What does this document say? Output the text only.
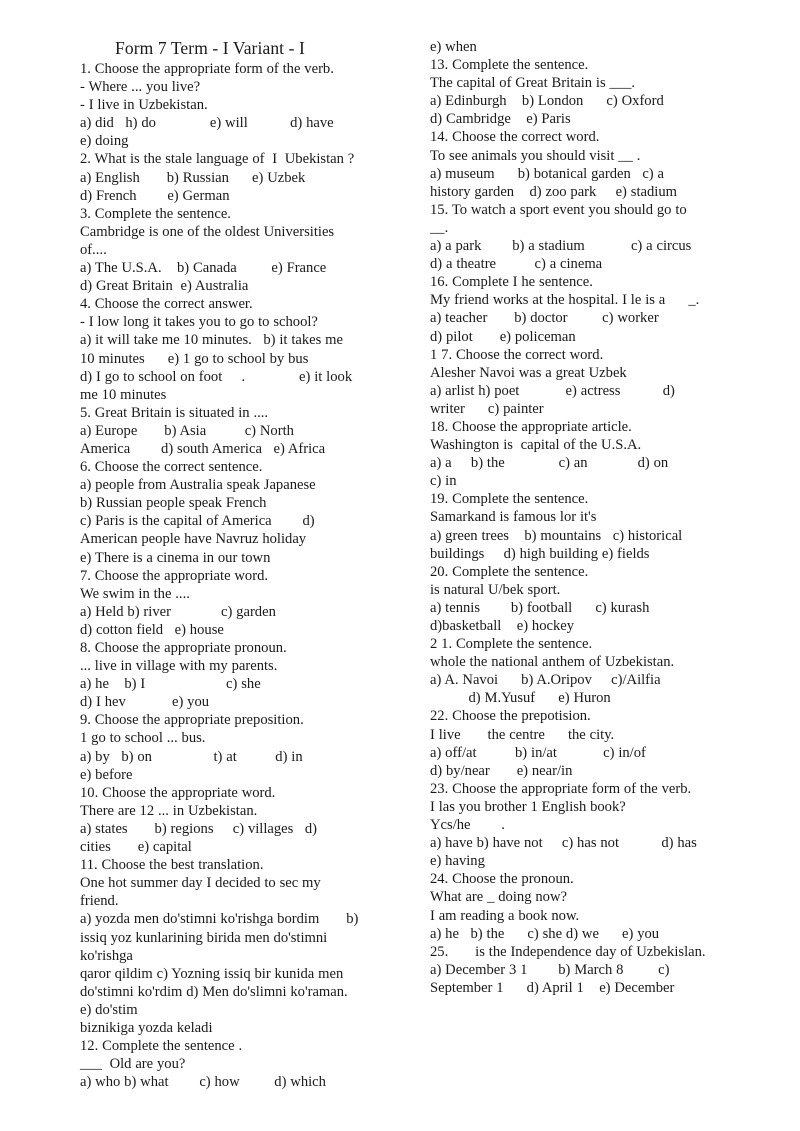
Form 7 Term - I Variant - I
1. Choose the appropriate form of the verb.
- Where ... you live?
- I live in Uzbekistan.
a) did   h) do              e) will           d) have
e) doing
2. What is the stale language of  I  Ubekistan ?
a) English       b) Russian      e) Uzbek
d) French        e) German
3. Complete the sentence.
Cambridge is one of the oldest Universities
of....
a) The U.S.A.    b) Canada         e) France
d) Great Britain  e) Australia
4. Choose the correct answer.
- I low long it takes you to go to school?
a) it will take me 10 minutes.   b) it takes me
10 minutes      e) 1 go to school by bus
d) I go to school on foot     .              e) it look
me 10 minutes
5. Great Britain is situated in ....
a) Europe       b) Asia          c) North
America        d) south America   e) Africa
6. Choose the correct sentence.
a) people from Australia speak Japanese
b) Russian people speak French
c) Paris is the capital of America        d)
American people have Navruz holiday
e) There is a cinema in our town
7. Choose the appropriate word.
We swim in the ....
a) Held b) river             c) garden
d) cotton field   e) house
8. Choose the appropriate pronoun.
... live in village with my parents.
a) he    b) I                     c) she
d) I hev            e) you
9. Choose the appropriate preposition.
1 go to school ... bus.
a) by   b) on                t) at          d) in
e) before
10. Choose the appropriate word.
There are 12 ... in Uzbekistan.
a) states       b) regions     c) villages   d)
cities       e) capital
11. Choose the best translation.
One hot summer day I decided to sec my
friend.
a) yozda men do'stimni ko'rishga bordim       b)
issiq yoz kunlarining birida men do'stimni
ko'rishga
qaror qildim c) Yozning issiq bir kunida men
do'stimni ko'rdim d) Men do'slimni ko'raman.
e) do'stim
biznikiga yozda keladi
12. Complete the sentence .
___  Old are you?
a) who b) what        c) how         d) which
e) when
13. Complete the sentence.
The capital of Great Britain is ___.
a) Edinburgh    b) London      c) Oxford
d) Cambridge    e) Paris
14. Choose the correct word.
To see animals you should visit __ .
a) museum      b) botanical garden   c) a
history garden    d) zoo park     e) stadium
15. To watch a sport event you should go to
__.
a) a park        b) a stadium            c) a circus
d) a theatre          c) a cinema
16. Complete I he sentence.
My friend works at the hospital. I le is a      _.
a) teacher       b) doctor         c) worker
d) pilot       e) policeman
1 7. Choose the correct word.
Alesher Navoi was a great Uzbek
a) arlist h) poet            e) actress           d)
writer      c) painter
18. Choose the appropriate article.
Washington is  capital of the U.S.A.
a) a     b) the              c) an             d) on
c) in
19. Complete the sentence.
Samarkand is famous lor it's
a) green trees    b) mountains   c) historical
buildings     d) high building e) fields
20. Complete the sentence.
is natural U/bek sport.
a) tennis        b) football      c) kurash
d)basketball    e) hockey
2 1. Complete the sentence.
whole the national anthem of Uzbekistan.
a) A. Navoi      b) A.Oripov     c)/Ailfia
d) M.Yusuf      e) Huron
22. Choose the prepotision.
I live       the centre      the city.
a) off/at          b) in/at            c) in/of
d) by/near       e) near/in
23. Choose the appropriate form of the verb.
I las you brother 1 English book?
Ycs/he        .
a) have b) have not     c) has not           d) has
e) having
24. Choose the pronoun.
What are _ doing now?
I am reading a book now.
a) he   b) the      c) she d) we      e) you
25.       is the Independence day of Uzbekislan.
a) December 3 1        b) March 8         c)
September 1      d) April 1    e) December
